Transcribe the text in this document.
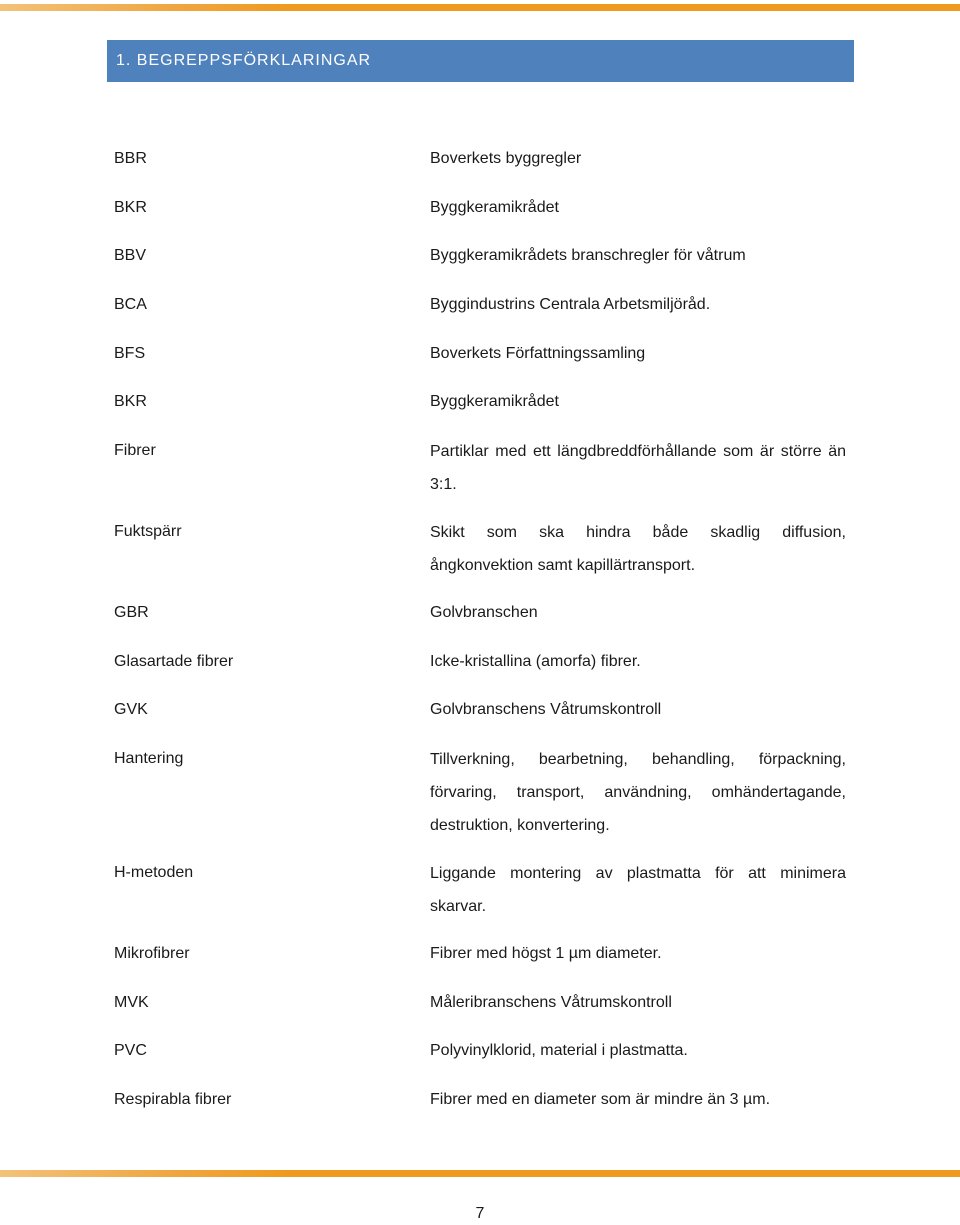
1. BEGREPPSFÖRKLARINGAR
BBR	Boverkets byggregler
BKR	Byggkeramikrådet
BBV	Byggkeramikrådets branschregler för våtrum
BCA	Byggindustrins Centrala Arbetsmiljöråd.
BFS	Boverkets Författningssamling
BKR	Byggkeramikrådet
Fibrer	Partiklar med ett längdbreddförhållande som är större än 3:1.
Fuktspärr	Skikt som ska hindra både skadlig diffusion, ångkonvektion samt kapillärtransport.
GBR	Golvbranschen
Glasartade fibrer	Icke-kristallina (amorfa) fibrer.
GVK	Golvbranschens Våtrumskontroll
Hantering	Tillverkning, bearbetning, behandling, förpackning, förvaring, transport, användning, omhändertagande, destruktion, konvertering.
H-metoden	Liggande montering av plastmatta för att minimera skarvar.
Mikrofibrer	Fibrer med högst 1 µm diameter.
MVK	Måleribranschens Våtrumskontroll
PVC	Polyvinylklorid, material i plastmatta.
Respirabla fibrer	Fibrer med en diameter som är mindre än 3 µm.
7
